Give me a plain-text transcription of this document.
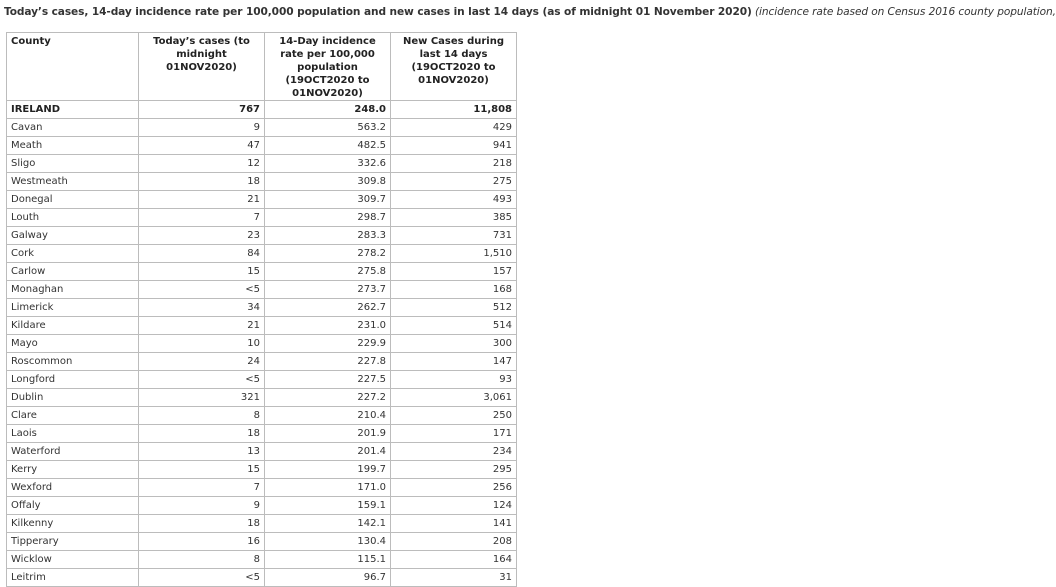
Today’s cases, 14-day incidence rate per 100,000 population and new cases in last 14 days (as of midnight 01 November 2020) (incidence rate based on Census 2016 county population,
County	Today’s cases (to midnight 01NOV2020)	14-Day incidence rate per 100,000 population (19OCT2020 to 01NOV2020)	New Cases during last 14 days (19OCT2020 to 01NOV2020)
IRELAND	767	248.0	11,808
Cavan	9	563.2	429
Meath	47	482.5	941
Sligo	12	332.6	218
Westmeath	18	309.8	275
Donegal	21	309.7	493
Louth	7	298.7	385
Galway	23	283.3	731
Cork	84	278.2	1,510
Carlow	15	275.8	157
Monaghan	<5	273.7	168
Limerick	34	262.7	512
Kildare	21	231.0	514
Mayo	10	229.9	300
Roscommon	24	227.8	147
Longford	<5	227.5	93
Dublin	321	227.2	3,061
Clare	8	210.4	250
Laois	18	201.9	171
Waterford	13	201.4	234
Kerry	15	199.7	295
Wexford	7	171.0	256
Offaly	9	159.1	124
Kilkenny	18	142.1	141
Tipperary	16	130.4	208
Wicklow	8	115.1	164
Leitrim	<5	96.7	31
